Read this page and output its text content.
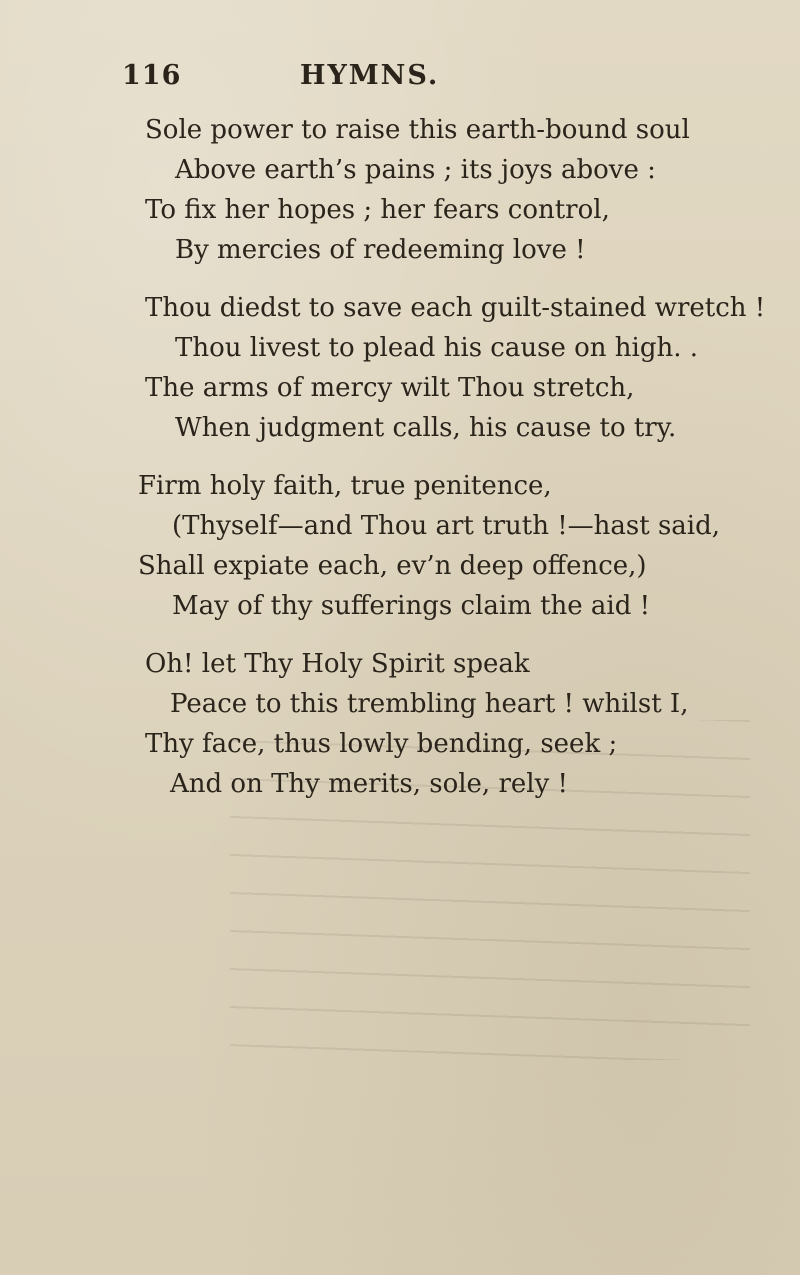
116	HYMNS.
Sole power to raise this earth-bound soul
Above earth’s pains ; its joys above :
To fix her hopes ; her fears control,
By mercies of redeeming love !
Thou diedst to save each guilt-stained wretch !
Thou livest to plead his cause on high. .
The arms of mercy wilt Thou stretch,
When judgment calls, his cause to try.
Firm holy faith, true penitence,
(Thyself—and Thou art truth !—hast said,
Shall expiate each, ev’n deep offence,)
May of thy sufferings claim the aid !
Oh! let Thy Holy Spirit speak
Peace to this trembling heart ! whilst I,
Thy face, thus lowly bending, seek ;
And on Thy merits, sole, rely !
